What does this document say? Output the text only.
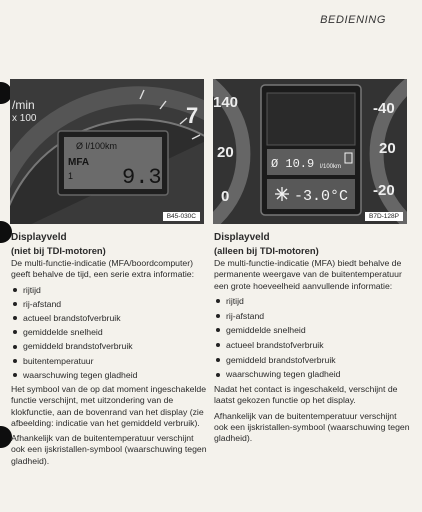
BEDIENING
/min
x 100	7
Ø l/100km
MFA
1 9.3
B45-030C
140
20
0
-40
20
-20
Ø 10.9 l/100km
-3.0°C
B7D-128P
Displayveld
(niet bij TDI-motoren)

De multi-functie-indicatie (MFA/boordcomputer) geeft behalve de tijd, een serie extra informatie:

rijtijd
rij-afstand
actueel brandstofverbruik
gemiddelde snelheid
gemiddeld brandstofverbruik
buitentemperatuur
waarschuwing tegen gladheid

Het symbool van de op dat moment ingeschakelde functie verschijnt, met uitzondering van de klokfunctie, aan de bovenrand van het display (zie afbeelding: indicatie van het gemiddeld verbruik).

Afhankelijk van de buitentemperatuur verschijnt ook een ijskristallen-symbool (waarschuwing tegen gladheid).

Displayveld
(alleen bij TDI-motoren)

De multi-functie-indicatie (MFA) biedt behalve de permanente weergave van de buitentemperatuur een grote hoeveelheid aanvullende informatie:

rijtijd
rij-afstand
gemiddelde snelheid
actueel brandstofverbruik
gemiddeld brandstofverbruik
waarschuwing tegen gladheid

Nadat het contact is ingeschakeld, verschijnt de laatst gekozen functie op het display.

Afhankelijk van de buitentemperatuur verschijnt ook een ijskristallen-symbool (waarschuwing tegen gladheid).
